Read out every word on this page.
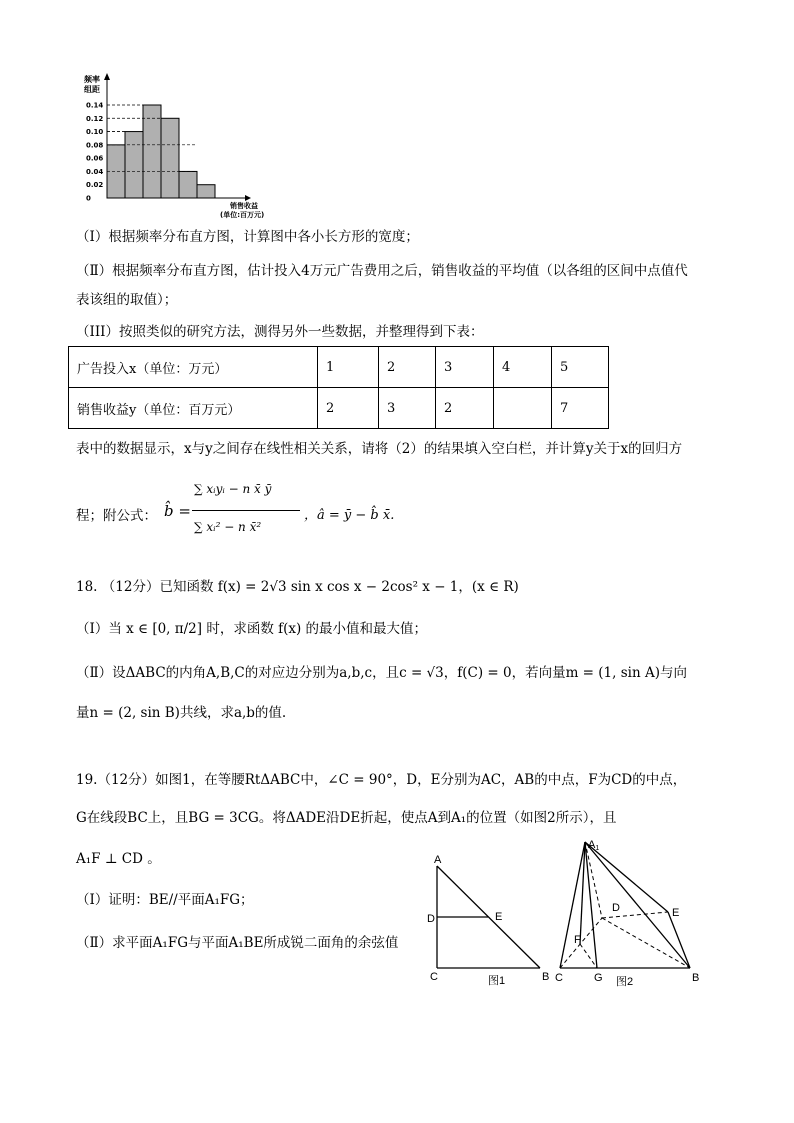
频率
组距
0.14
0.12
0.10
0.08
0.06
0.04
0.02
0
销售收益
(单位:百万元)
（Ⅰ）根据频率分布直方图，计算图中各小长方形的宽度；
（Ⅱ）根据频率分布直方图，估计投入4万元广告费用之后，销售收益的平均值（以各组的区间中点值代
表该组的取值）；
（III）按照类似的研究方法，测得另外一些数据，并整理得到下表：
广告投入x（单位：万元）	1	2	3	4	5
销售收益y（单位：百万元）	2	3	2		7
表中的数据显示，x与y之间存在线性相关关系，请将（2）的结果填入空白栏，并计算y关于x的回归方
程；附公式： b̂ =
∑ xᵢyᵢ − n x̄ ȳ
∑ xᵢ² − n x̄²
，â = ȳ − b̂ x̄.
18. （12分）已知函数 f(x) = 2√3 sin x cos x − 2cos² x − 1，(x ∈ R)
（Ⅰ）当 x ∈ [0, π/2] 时，求函数 f(x) 的最小值和最大值；
（Ⅱ）设ΔABC的内角A,B,C的对应边分别为a,b,c，且c = √3，f(C) = 0，若向量m = (1, sin A)与向
量n = (2, sin B)共线，求a,b的值.
19.（12分）如图1，在等腰RtΔABC中，∠C = 90°，D，E分别为AC，AB的中点，F为CD的中点，
G在线段BC上，且BG = 3CG。将ΔADE沿DE折起，使点A到A₁的位置（如图2所示），且
A₁F ⊥ CD 。
（Ⅰ）证明：BE//平面A₁FG；
（Ⅱ）求平面A₁FG与平面A₁BE所成锐二面角的余弦值
A
D	E
C	B
图1
A1
D	E
F
C	G	B
图2
